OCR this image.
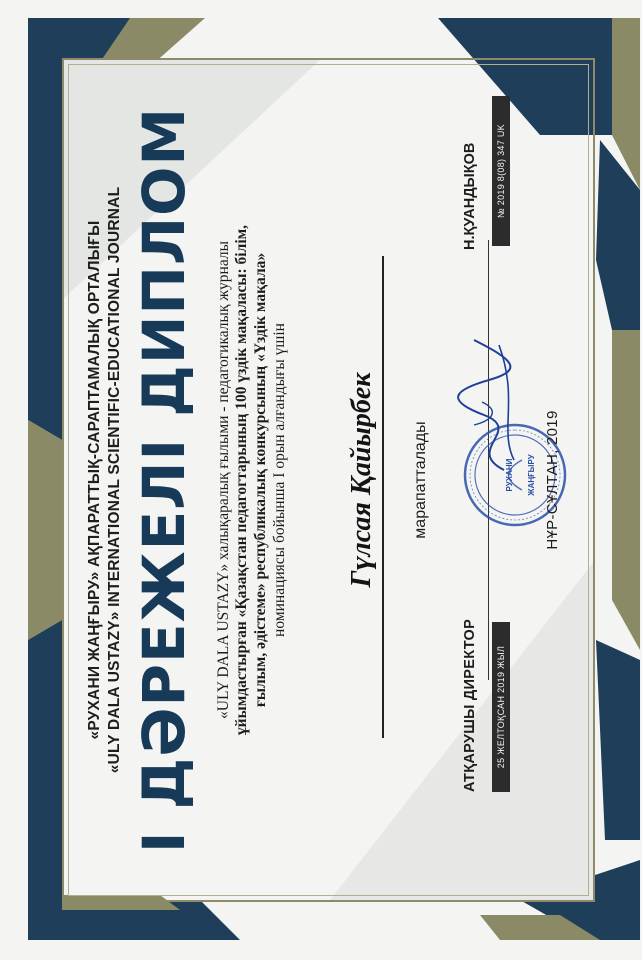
«РУХАНИ ЖАҢҒЫРУ» АҚПАРАТТЫҚ-САРАПТАМАЛЫҚ ОРТАЛЫҒЫ «ULY DALA USTAZY» INTERNATIONAL SCIENTIFIC-EDUCATIONAL JOURNAL І ДӘРЕЖЕЛІ ДИПЛОМ «ULY DALA USTAZY» халықаралық ғылыми - педагогикалық журналы ұйымдастырған «Қазақстан педагогтарының 100 үздік мақаласы: білім, ғылым, әдістеме» республикалық конкурсының «Үздік мақала» номинациясы бойынша І орын алғандығы үшін Гүлсая Қайырбек марапатталады
АТҚАРУШЫ ДИРЕКТОР
Н.ҚУАНДЫҚОВ
25 ЖЕЛТОҚСАН 2019 ЖЫЛ
№ 2019 8(08) 347 UK
РУХАНИ ЖАҢҒЫРУ НҰР-СҰЛТАН, 2019
